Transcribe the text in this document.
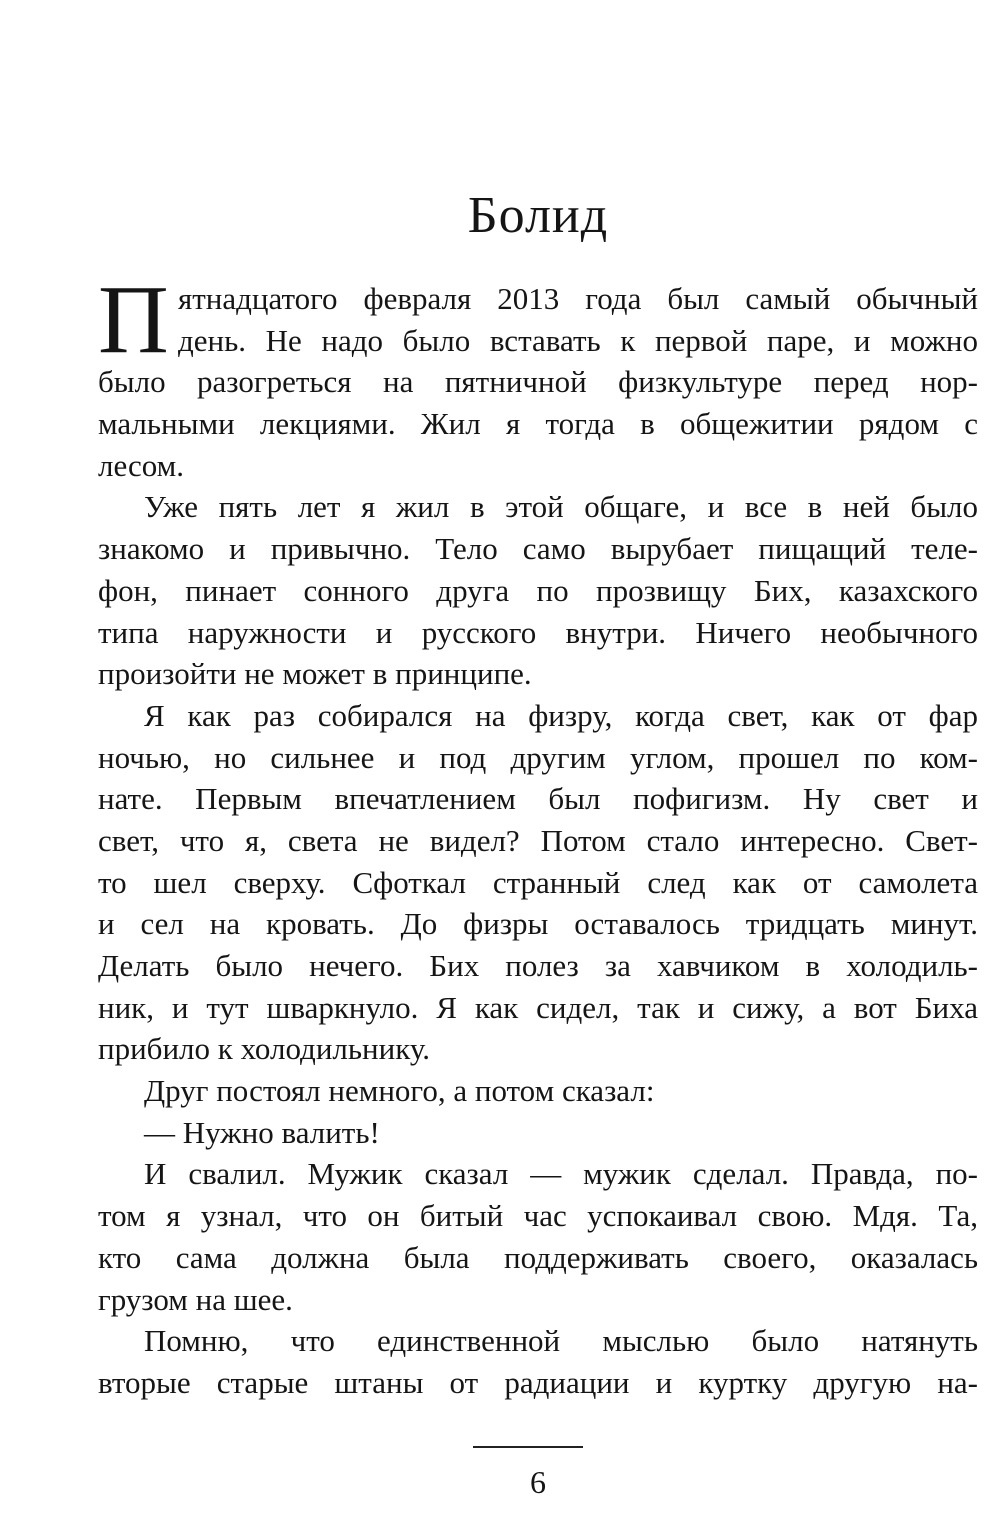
Болид
П ятнадцатого февраля 2013 года был самый обычный
день. Не надо было вставать к первой паре, и можно
было разогреться на пятничной физкультуре перед нор-
мальными лекциями. Жил я тогда в общежитии рядом с
лесом.
Уже пять лет я жил в этой общаге, и все в ней было
знакомо и привычно. Тело само вырубает пищащий теле-
фон, пинает сонного друга по прозвищу Бих, казахского
типа наружности и русского внутри. Ничего необычного
произойти не может в принципе.
Я как раз собирался на физру, когда свет, как от фар
ночью, но сильнее и под другим углом, прошел по ком-
нате. Первым впечатлением был пофигизм. Ну свет и
свет, что я, света не видел? Потом стало интересно. Свет-
то шел сверху. Сфоткал странный след как от самолета
и сел на кровать. До физры оставалось тридцать минут.
Делать было нечего. Бих полез за хавчиком в холодиль-
ник, и тут шваркнуло. Я как сидел, так и сижу, а вот Биха
прибило к холодильнику.
Друг постоял немного, а потом сказал:
— Нужно валить!
И свалил. Мужик сказал — мужик сделал. Правда, по-
том я узнал, что он битый час успокаивал свою. Мдя. Та,
кто сама должна была поддерживать своего, оказалась
грузом на шее.
Помню, что единственной мыслью было натянуть
вторые старые штаны от радиации и куртку другую на-
6
